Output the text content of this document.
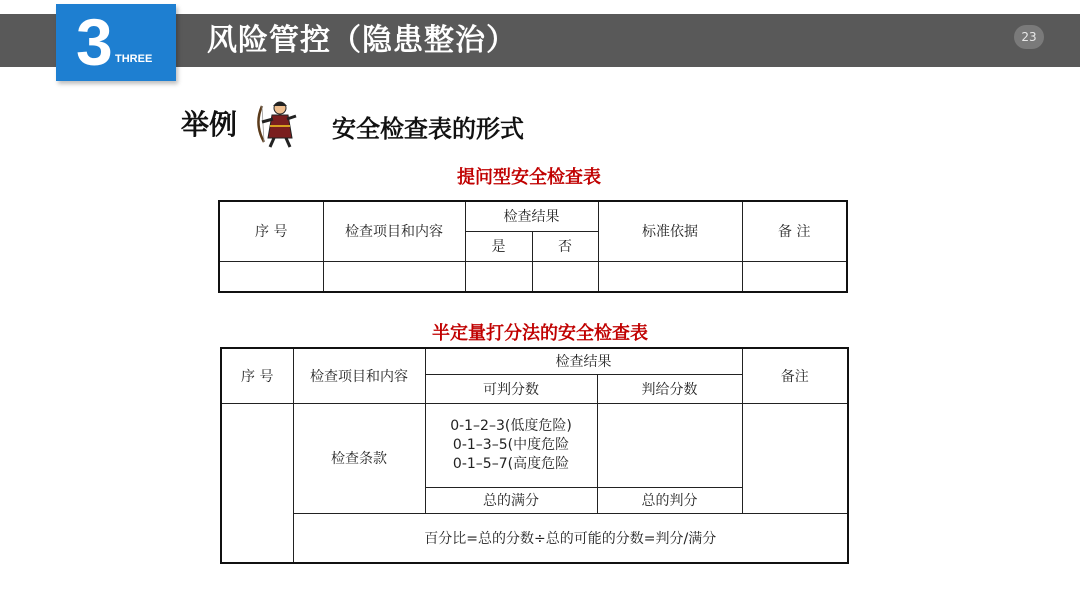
风险管控（隐患整治）	23
3 THREE
举例	安全检查表的形式
提问型安全检查表
序 号	检查项目和内容	检查结果		标准依据	备 注
		是	否		

半定量打分法的安全检查表
序 号	检查项目和内容	检查结果		备注
		可判分数	判给分数	
	检查条款	0-1–2–3(低度危险)
0-1–3–5(中度危险
0-1–5–7(高度危险		

		总的满分	总的判分	
	百分比=总的分数÷总的可能的分数=判分/满分			
